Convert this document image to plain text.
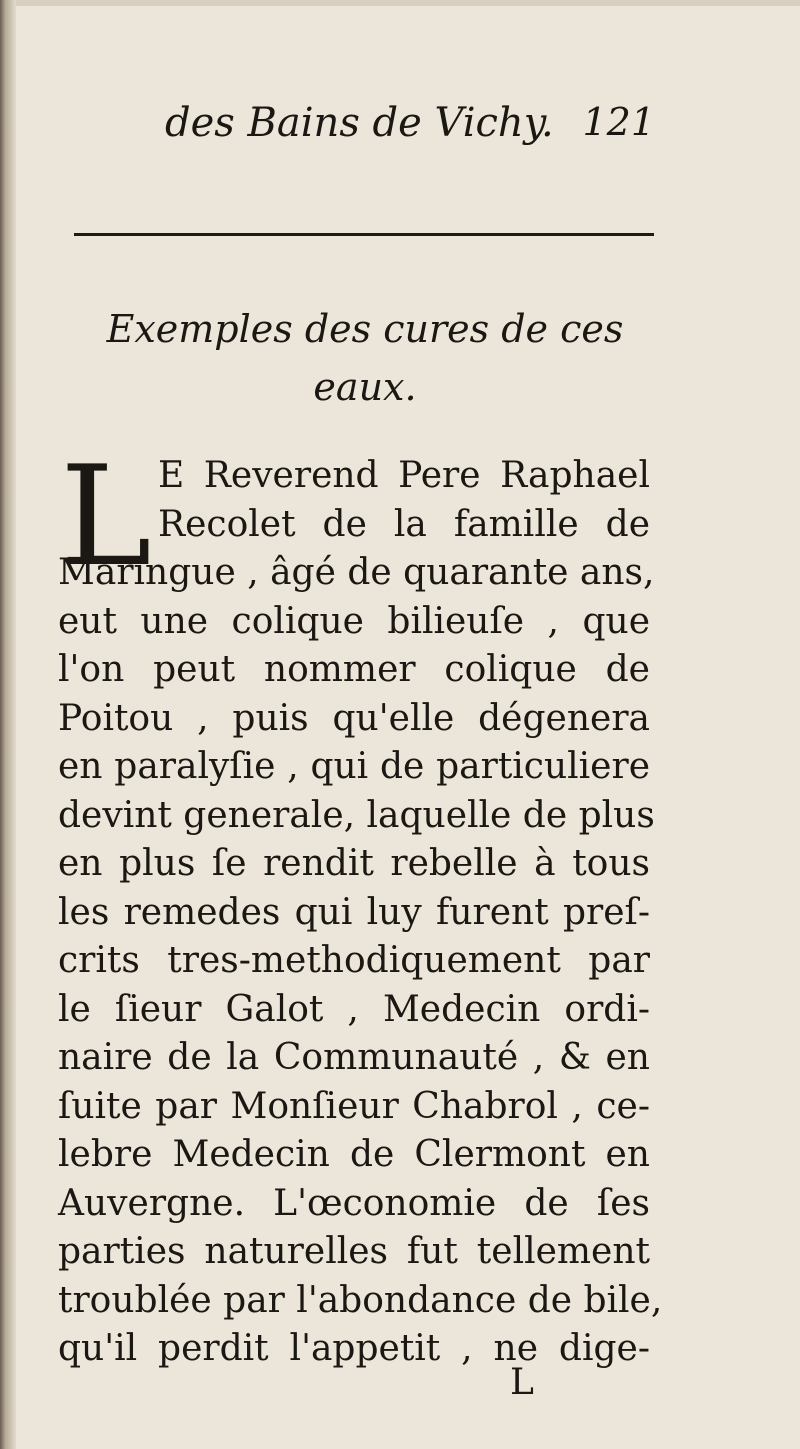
des Bains de Vichy. 121
Exemples des cures de ces
eaux.
L E Reverend Pere Raphael
Recolet de la famille de
Maringue , âgé de quarante ans,
eut une colique bilieuſe , que
l'on peut nommer colique de
Poitou , puis qu'elle dégenera
en paralyſie , qui de particuliere
devint generale, laquelle de plus
en plus ſe rendit rebelle à tous
les remedes qui luy furent preſ-
crits tres-methodiquement par
le ſieur Galot , Medecin ordi-
naire de la Communauté , & en
ſuite par Monſieur Chabrol , ce-
lebre Medecin de Clermont en
Auvergne. L'œconomie de ſes
parties naturelles fut tellement
troublée par l'abondance de bile,
qu'il perdit l'appetit , ne dige-
L
